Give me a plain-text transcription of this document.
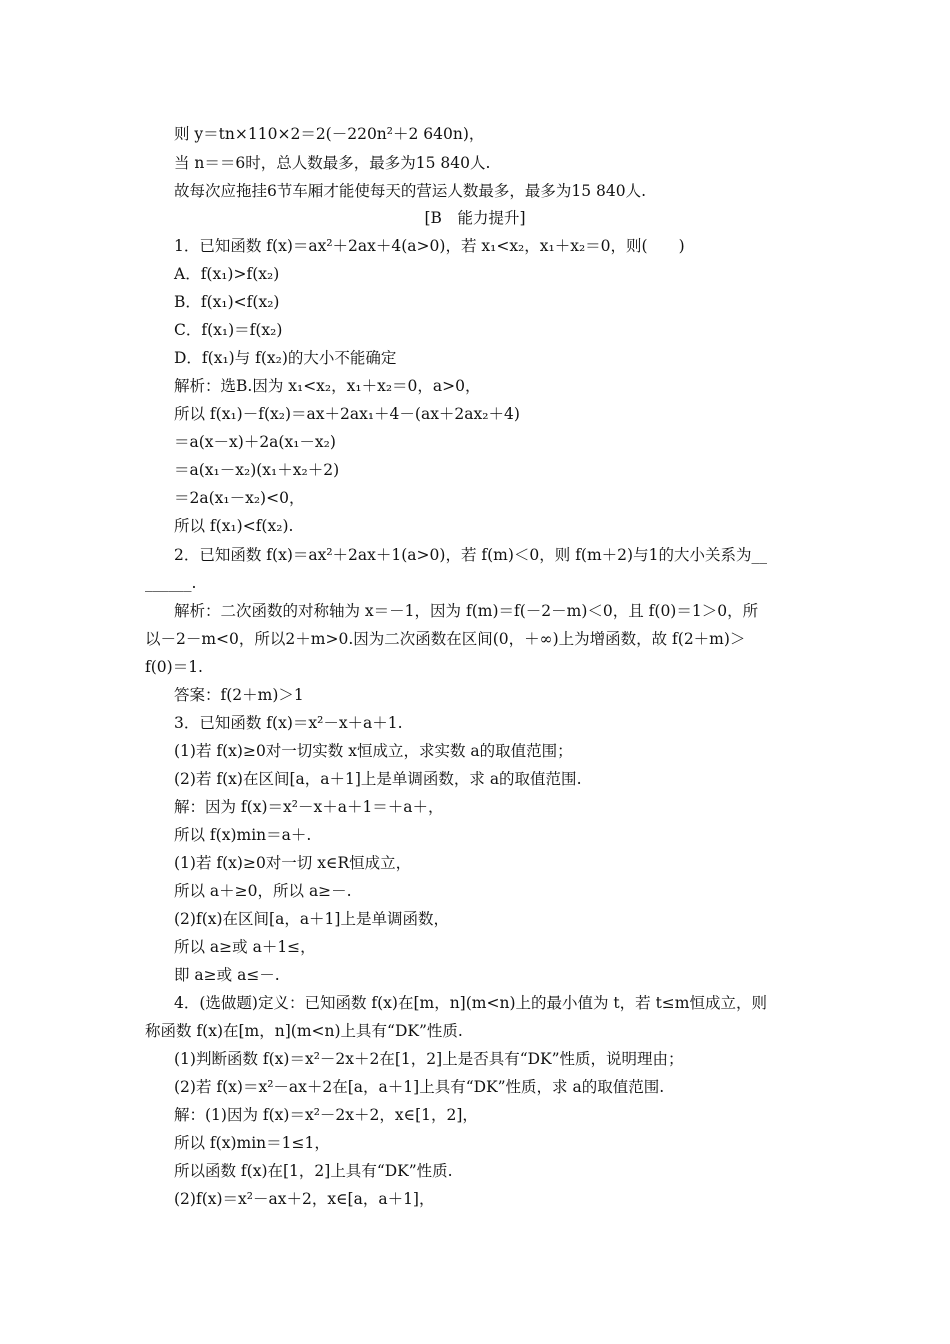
则 y＝tn×110×2＝2(－220n²＋2 640n)，
当 n＝＝6时，总人数最多，最多为15 840人.
故每次应拖挂6节车厢才能使每天的营运人数最多，最多为15 840人.
[B　能力提升]
1．已知函数 f(x)＝ax²＋2ax＋4(a>0)，若 x₁<x₂，x₁＋x₂＝0，则(　　)
A．f(x₁)>f(x₂)
B．f(x₁)<f(x₂)
C．f(x₁)＝f(x₂)
D．f(x₁)与 f(x₂)的大小不能确定
解析：选B.因为 x₁<x₂，x₁＋x₂＝0，a>0，
所以 f(x₁)－f(x₂)＝ax＋2ax₁＋4－(ax＋2ax₂＋4)
＝a(x－x)＋2a(x₁－x₂)
＝a(x₁－x₂)(x₁＋x₂＋2)
＝2a(x₁－x₂)<0，
所以 f(x₁)<f(x₂).
2．已知函数 f(x)＝ax²＋2ax＋1(a>0)，若 f(m)＜0，则 f(m＋2)与1的大小关系为__
______.
解析：二次函数的对称轴为 x＝－1，因为 f(m)＝f(－2－m)＜0，且 f(0)＝1＞0，所
以－2－m<0，所以2＋m>0.因为二次函数在区间(0，＋∞)上为增函数，故 f(2＋m)＞
f(0)＝1.
答案：f(2＋m)＞1
3．已知函数 f(x)＝x²－x＋a＋1.
(1)若 f(x)≥0对一切实数 x恒成立，求实数 a的取值范围；
(2)若 f(x)在区间[a，a＋1]上是单调函数，求 a的取值范围.
解：因为 f(x)＝x²－x＋a＋1＝＋a＋，
所以 f(x)min＝a＋.
(1)若 f(x)≥0对一切 x∈R恒成立，
所以 a＋≥0，所以 a≥－.
(2)f(x)在区间[a，a＋1]上是单调函数，
所以 a≥或 a＋1≤，
即 a≥或 a≤－.
4．(选做题)定义：已知函数 f(x)在[m，n](m<n)上的最小值为 t，若 t≤m恒成立，则
称函数 f(x)在[m，n](m<n)上具有“DK”性质.
(1)判断函数 f(x)＝x²－2x＋2在[1，2]上是否具有“DK”性质，说明理由；
(2)若 f(x)＝x²－ax＋2在[a，a＋1]上具有“DK”性质，求 a的取值范围.
解：(1)因为 f(x)＝x²－2x＋2，x∈[1，2]，
所以 f(x)min＝1≤1，
所以函数 f(x)在[1，2]上具有“DK”性质.
(2)f(x)＝x²－ax＋2，x∈[a，a＋1]，
